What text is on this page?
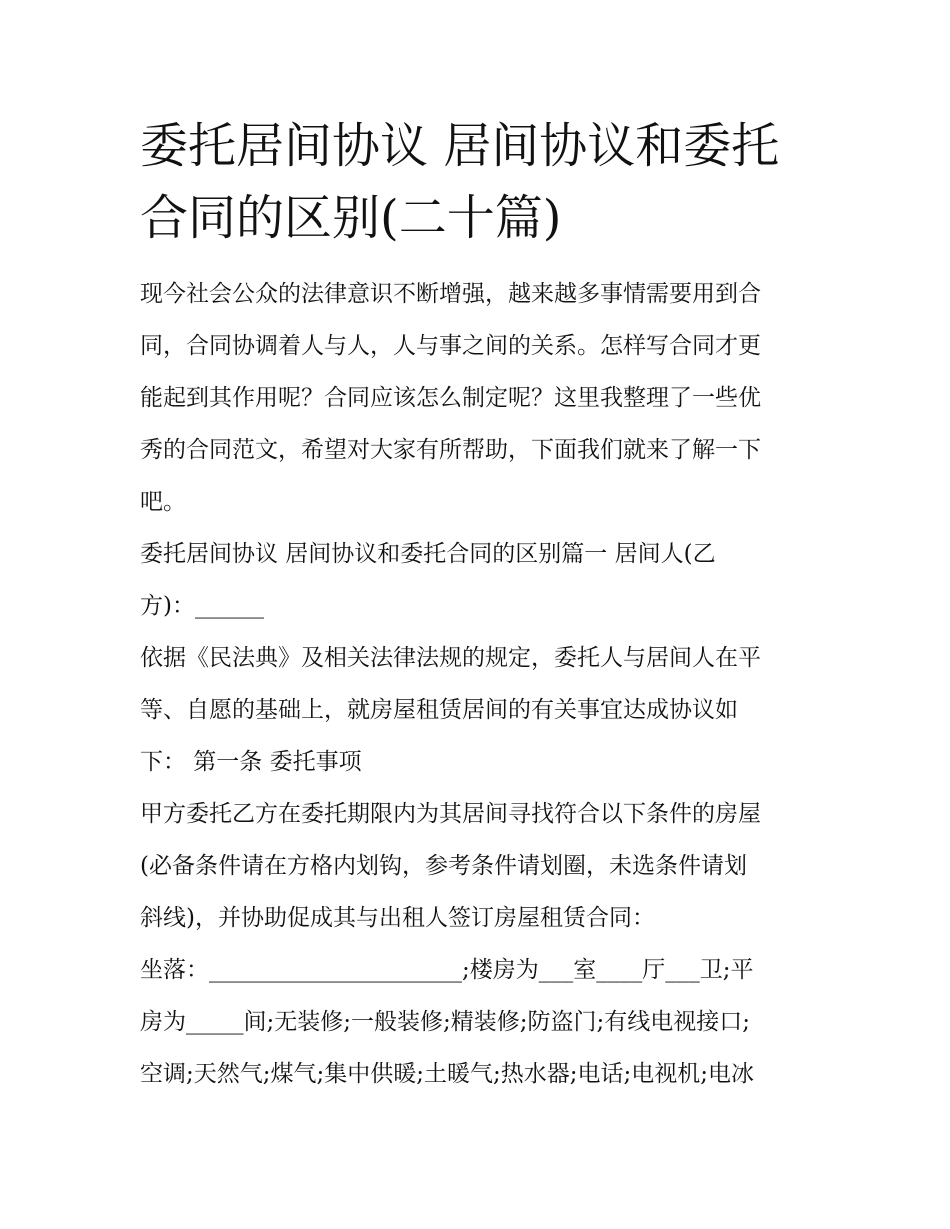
委托居间协议 居间协议和委托
合同的区别(二十篇)

现今社会公众的法律意识不断增强，越来越多事情需要用到合
同，合同协调着人与人，人与事之间的关系。怎样写合同才更
能起到其作用呢？合同应该怎么制定呢？这里我整理了一些优
秀的合同范文，希望对大家有所帮助，下面我们就来了解一下
吧。

委托居间协议 居间协议和委托合同的区别篇一 居间人(乙
方)：______

依据《民法典》及相关法律法规的规定，委托人与居间人在平
等、自愿的基础上，就房屋租赁居间的有关事宜达成协议如
下： 第一条 委托事项

甲方委托乙方在委托期限内为其居间寻找符合以下条件的房屋
(必备条件请在方格内划钩，参考条件请划圈，未选条件请划
斜线)，并协助促成其与出租人签订房屋租赁合同：

坐落：______________________;楼房为___室____厅___卫;平
房为_____间;无装修;一般装修;精装修;防盗门;有线电视接口;
空调;天然气;煤气;集中供暖;土暖气;热水器;电话;电视机;电冰
